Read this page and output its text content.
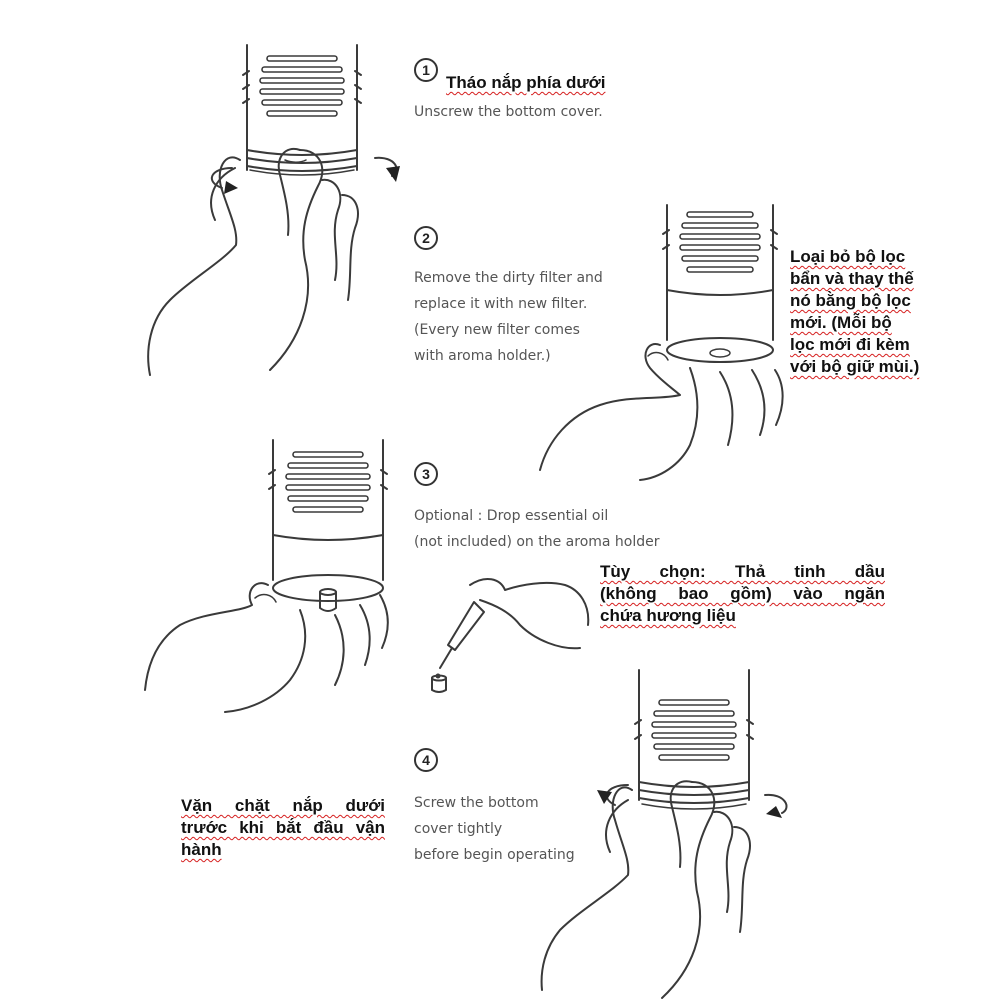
1
2
3
4

Tháo nắp phía dưới

Unscrew the bottom cover.

Remove the dirty filter and
replace it with new filter.
(Every new filter comes
with aroma holder.)

Loại bỏ bộ lọc
bẩn và thay thế
nó bằng bộ lọc
mới. (Mỗi bộ
lọc mới đi kèm
với bộ giữ mùi.)

Optional : Drop essential oil
(not included) on the aroma holder

Tùy chọn: Thả tinh dầu
(không bao gồm) vào ngăn
chứa hương liệu

Vặn chặt nắp dưới
trước khi bắt đầu vận
hành

Screw the bottom
cover tightly
before begin operating
